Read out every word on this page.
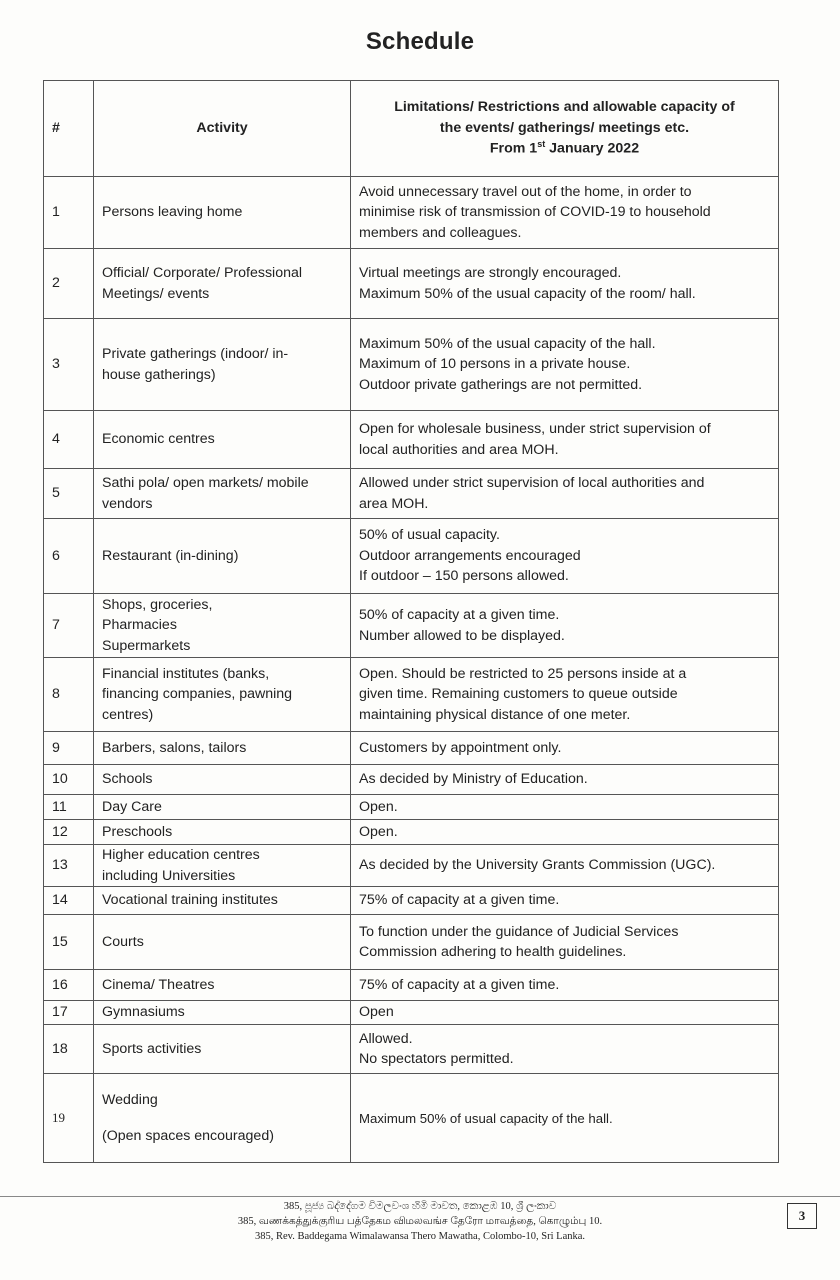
Schedule
#	Activity	Limitations/ Restrictions and allowable capacity of
the events/ gatherings/ meetings etc.
From 1st January 2022

1	Persons leaving home	Avoid unnecessary travel out of the home, in order to
minimise risk of transmission of COVID-19 to household
members and colleagues.

2	Official/ Corporate/ Professional
Meetings/ events	Virtual meetings are strongly encouraged.
Maximum 50% of the usual capacity of the room/ hall.

3	Private gatherings (indoor/ in-
house gatherings)	Maximum 50% of the usual capacity of the hall.
Maximum of 10 persons in a private house.
Outdoor private gatherings are not permitted.

4	Economic centres	Open for wholesale business, under strict supervision of
local authorities and area MOH.

5	Sathi pola/ open markets/ mobile
vendors	Allowed under strict supervision of local authorities and
area MOH.

6	Restaurant (in-dining)	50% of usual capacity.
Outdoor arrangements encouraged
If outdoor – 150 persons allowed.

7	Shops, groceries,
Pharmacies
Supermarkets	50% of capacity at a given time.
Number allowed to be displayed.

8	Financial institutes (banks,
financing companies, pawning
centres)	Open. Should be restricted to 25 persons inside at a
given time. Remaining customers to queue outside
maintaining physical distance of one meter.

9	Barbers, salons, tailors	Customers by appointment only.

10	Schools	As decided by Ministry of Education.

11	Day Care	Open.

12	Preschools	Open.

13	Higher education centres
including Universities	As decided by the University Grants Commission (UGC).

14	Vocational training institutes	75% of capacity at a given time.

15	Courts	To function under the guidance of Judicial Services
Commission adhering to health guidelines.

16	Cinema/ Theatres	75% of capacity at a given time.

17	Gymnasiums	Open

18	Sports activities	Allowed.
No spectators permitted.

19	Wedding
(Open spaces encouraged)	Maximum 50% of usual capacity of the hall.
385, පූජ්‍ය බද්දේගම විමලවංශ හිමි මාවත, කොළඹ 10, ශ්‍රී ලංකාව
385, வணக்கத்துக்குரிய பத்தேகம விமலவங்ச தேரோ மாவத்தை, கொழும்பு 10.
385, Rev. Baddegama Wimalawansa Thero Mawatha, Colombo-10, Sri Lanka.
3
